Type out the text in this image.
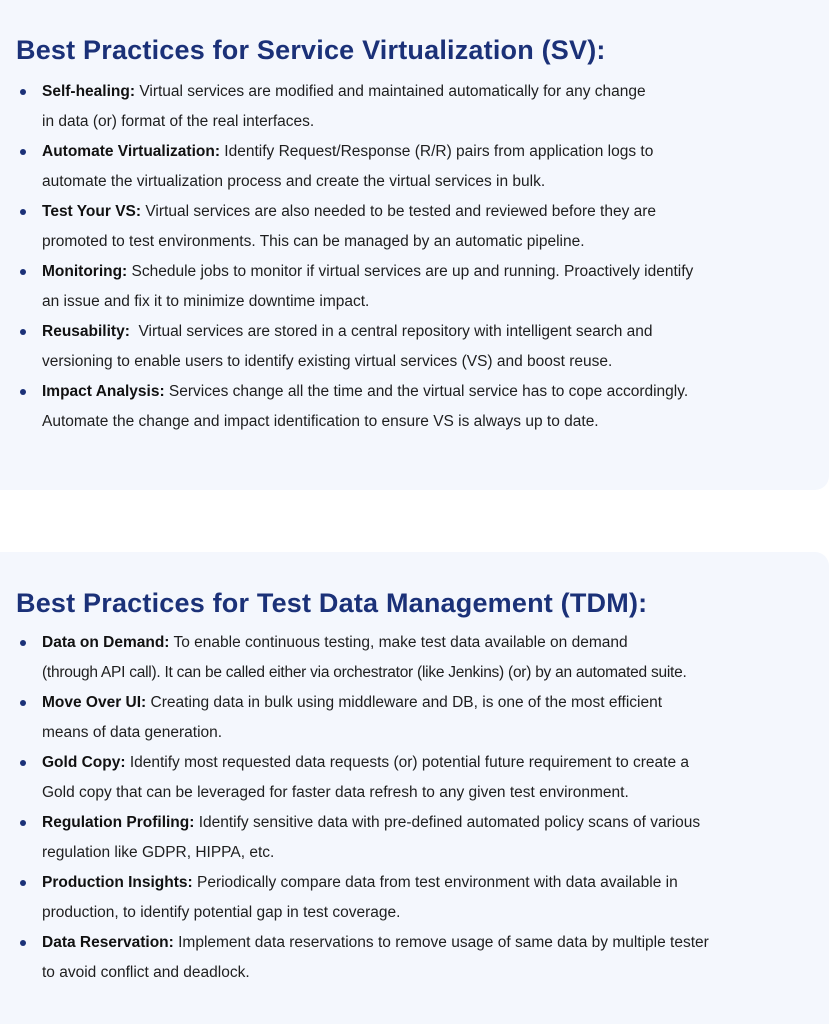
Best Practices for Service Virtualization (SV):
Self-healing: Virtual services are modified and maintained automatically for any change
in data (or) format of the real interfaces.
Automate Virtualization: Identify Request/Response (R/R) pairs from application logs to
automate the virtualization process and create the virtual services in bulk.
Test Your VS: Virtual services are also needed to be tested and reviewed before they are
promoted to test environments. This can be managed by an automatic pipeline.
Monitoring: Schedule jobs to monitor if virtual services are up and running. Proactively identify
an issue and fix it to minimize downtime impact.
Reusability:  Virtual services are stored in a central repository with intelligent search and
versioning to enable users to identify existing virtual services (VS) and boost reuse.
Impact Analysis: Services change all the time and the virtual service has to cope accordingly.
Automate the change and impact identification to ensure VS is always up to date.
Best Practices for Test Data Management (TDM):
Data on Demand: To enable continuous testing, make test data available on demand
(through API call). It can be called either via orchestrator (like Jenkins) (or) by an automated suite.
Move Over UI: Creating data in bulk using middleware and DB, is one of the most efficient
means of data generation.
Gold Copy: Identify most requested data requests (or) potential future requirement to create a
Gold copy that can be leveraged for faster data refresh to any given test environment.
Regulation Profiling: Identify sensitive data with pre-defined automated policy scans of various
regulation like GDPR, HIPPA, etc.
Production Insights: Periodically compare data from test environment with data available in
production, to identify potential gap in test coverage.
Data Reservation: Implement data reservations to remove usage of same data by multiple tester
to avoid conflict and deadlock.
